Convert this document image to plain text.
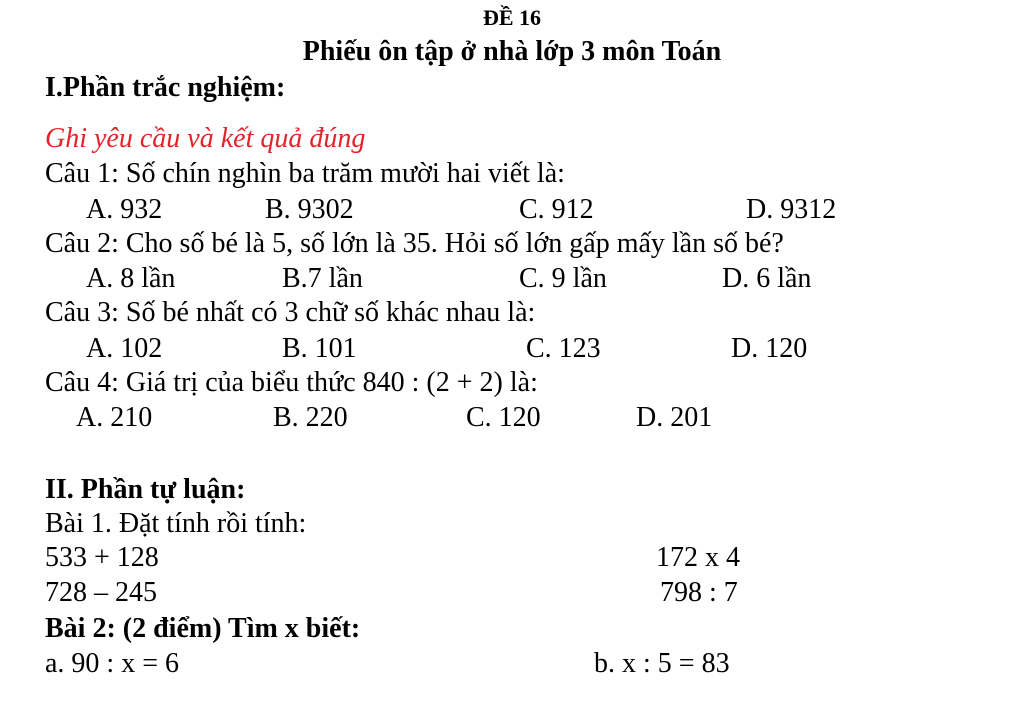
ĐỀ 16
Phiếu ôn tập ở nhà lớp 3 môn Toán
I.Phần trắc nghiệm:
Ghi yêu cầu và kết quả đúng
Câu 1: Số chín nghìn ba trăm mười hai viết là:
A. 932	B. 9302	C. 912	D. 9312
Câu 2: Cho số bé là 5, số lớn là 35. Hỏi số lớn gấp mấy lần số bé?
A. 8 lần	B.7 lần	C. 9 lần	D. 6 lần
Câu 3: Số bé nhất có 3 chữ số khác nhau là:
A. 102	B. 101	C. 123	D. 120
Câu 4: Giá trị của biểu thức 840 : (2 + 2) là:
A. 210	B. 220	C. 120	D. 201
II. Phần tự luận:
Bài 1. Đặt tính rồi tính:
533 + 128	172 x 4
728 – 245	798 : 7
Bài 2: (2 điểm) Tìm x biết:
a. 90 : x = 6	b. x : 5 = 83
